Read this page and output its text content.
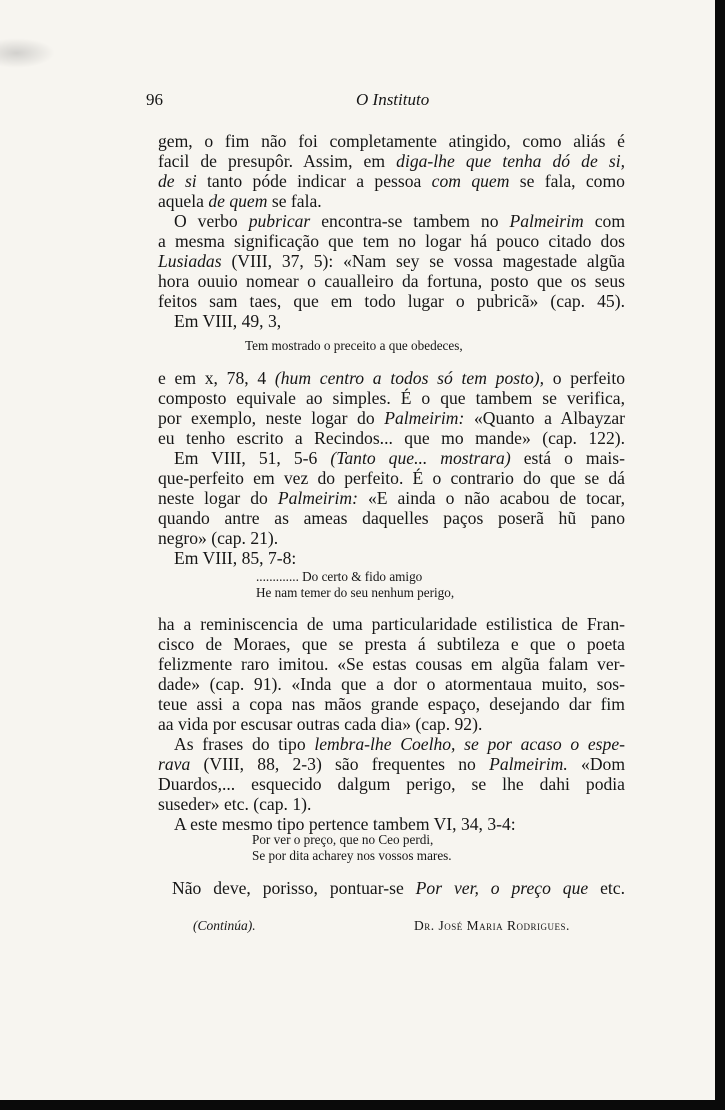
96	O Instituto

gem, o fim não foi completamente atingido, como aliás é

facil de presupôr. Assim, em diga-lhe que tenha dó de si,

de si tanto póde indicar a pessoa com quem se fala, como

aquela de quem se fala.

O verbo pubricar encontra-se tambem no Palmeirim com

a mesma significação que tem no logar há pouco citado dos

Lusiadas (VIII, 37, 5): «Nam sey se vossa magestade algũa

hora ouuio nomear o caualleiro da fortuna, posto que os seus

feitos sam taes, que em todo lugar o pubricã» (cap. 45).

Em VIII, 49, 3,

Tem mostrado o preceito a que obedeces,

e em x, 78, 4 (hum centro a todos só tem posto), o perfeito

composto equivale ao simples. É o que tambem se verifica,

por exemplo, neste logar do Palmeirim: «Quanto a Albayzar

eu tenho escrito a Recindos... que mo mande» (cap. 122).

Em VIII, 51, 5-6 (Tanto que... mostrara) está o mais-

que-perfeito em vez do perfeito. É o contrario do que se dá

neste logar do Palmeirim: «E ainda o não acabou de tocar,

quando antre as ameas daquelles paços poserã hũ pano

negro» (cap. 21).

Em VIII, 85, 7-8:

............. Do certo & fido amigo

He nam temer do seu nenhum perigo,

ha a reminiscencia de uma particularidade estilistica de Fran-

cisco de Moraes, que se presta á subtileza e que o poeta

felizmente raro imitou. «Se estas cousas em algũa falam ver-

dade» (cap. 91). «Inda que a dor o atormentaua muito, sos-

teue assi a copa nas mãos grande espaço, desejando dar fim

aa vida por escusar outras cada dia» (cap. 92).

As frases do tipo lembra-lhe Coelho, se por acaso o espe-

rava (VIII, 88, 2-3) são frequentes no Palmeirim. «Dom

Duardos,... esquecido dalgum perigo, se lhe dahi podia

suseder» etc. (cap. 1).

A este mesmo tipo pertence tambem VI, 34, 3-4:

Por ver o preço, que no Ceo perdi,

Se por dita acharey nos vossos mares.

Não deve, porisso, pontuar-se Por ver, o preço que etc.

(Continúa).	Dr. José Maria Rodrigues.
